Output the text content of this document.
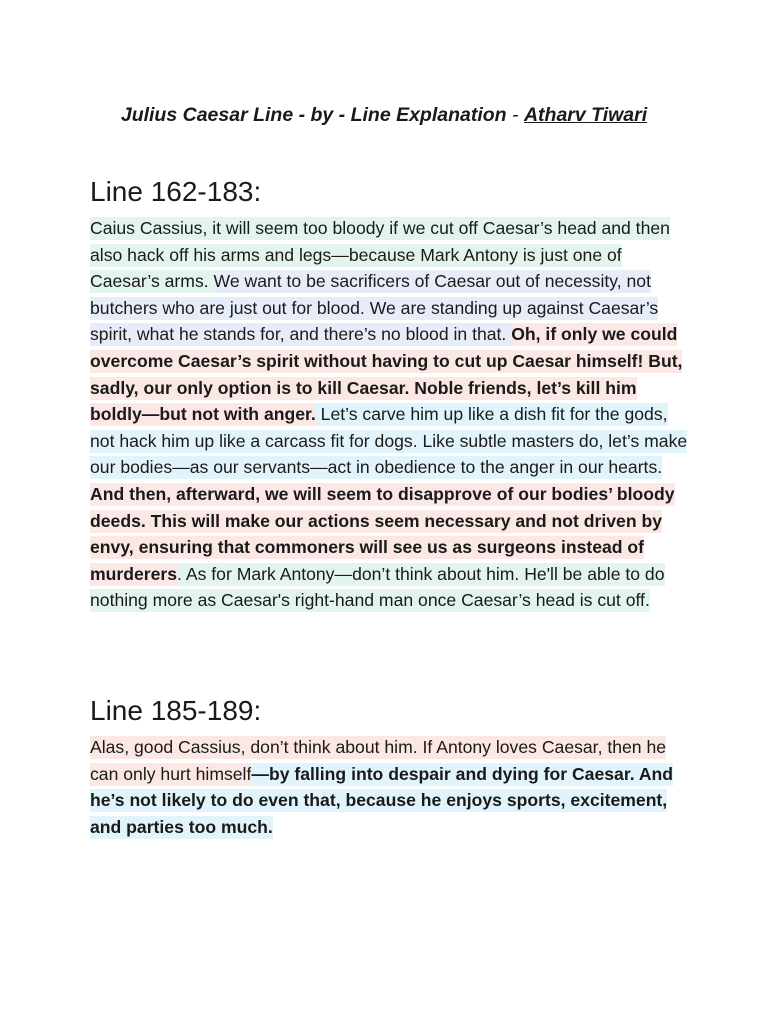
Julius Caesar Line - by - Line Explanation - Atharv Tiwari
Line 162-183:

Caius Cassius, it will seem too bloody if we cut off Caesar’s head and then also hack off his arms and legs—because Mark Antony is just one of Caesar’s arms. We want to be sacrificers of Caesar out of necessity, not butchers who are just out for blood. We are standing up against Caesar’s spirit, what he stands for, and there’s no blood in that. Oh, if only we could overcome Caesar’s spirit without having to cut up Caesar himself! But, sadly, our only option is to kill Caesar. Noble friends, let’s kill him boldly—but not with anger. Let’s carve him up like a dish fit for the gods, not hack him up like a carcass fit for dogs. Like subtle masters do, let’s make our bodies—as our servants—act in obedience to the anger in our hearts. And then, afterward, we will seem to disapprove of our bodies’ bloody deeds. This will make our actions seem necessary and not driven by envy, ensuring that commoners will see us as surgeons instead of murderers. As for Mark Antony—don’t think about him. He'll be able to do nothing more as Caesar's right-hand man once Caesar’s head is cut off.

Line 185-189:

Alas, good Cassius, don’t think about him. If Antony loves Caesar, then he can only hurt himself—by falling into despair and dying for Caesar. And he’s not likely to do even that, because he enjoys sports, excitement, and parties too much.
